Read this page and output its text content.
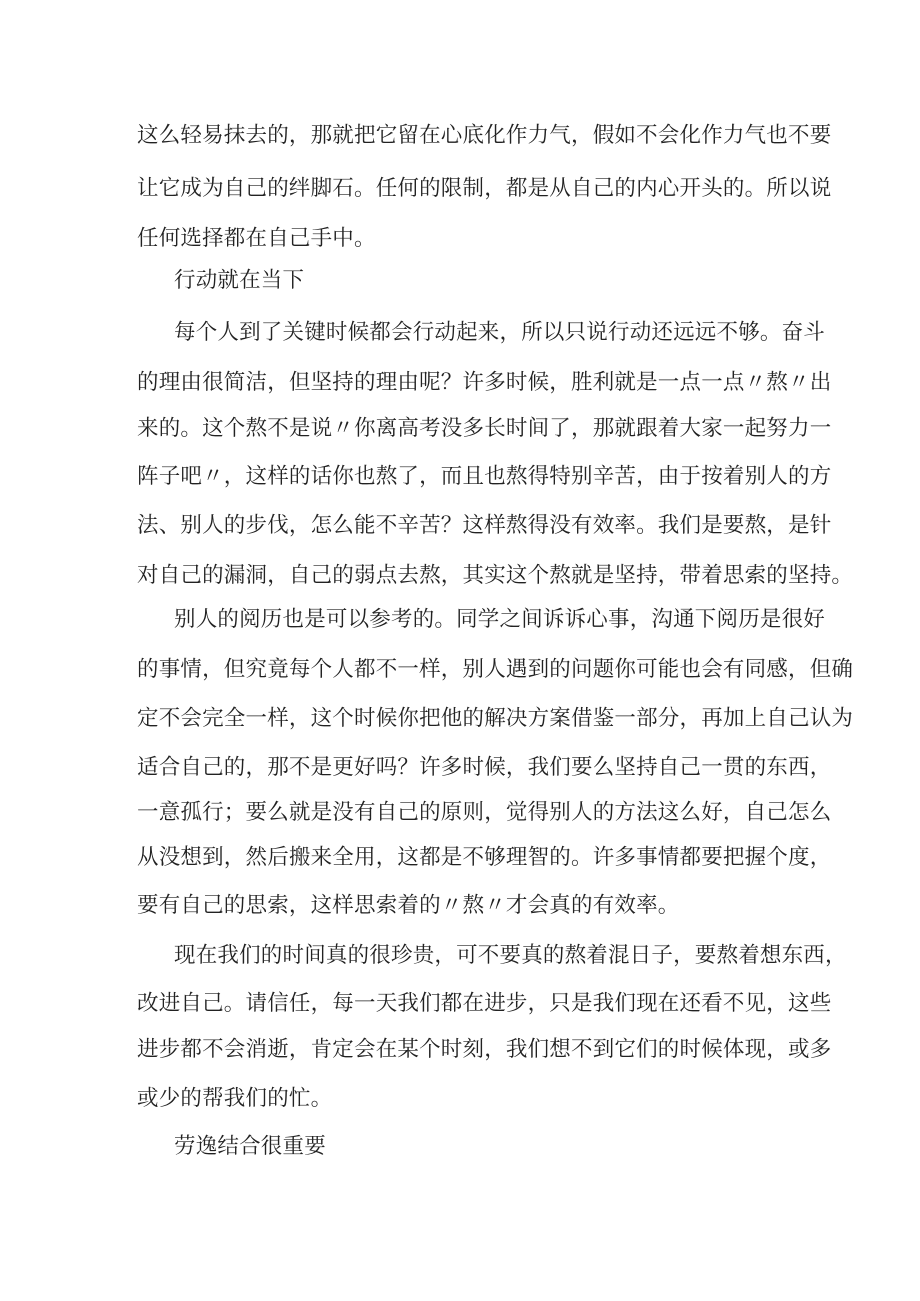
这么轻易抹去的，那就把它留在心底化作力气，假如不会化作力气也不要
让它成为自己的绊脚石。任何的限制，都是从自己的内心开头的。所以说
任何选择都在自己手中。
行动就在当下
每个人到了关键时候都会行动起来，所以只说行动还远远不够。奋斗
的理由很简洁，但坚持的理由呢？许多时候，胜利就是一点一点〃熬〃出
来的。这个熬不是说〃你离高考没多长时间了，那就跟着大家一起努力一
阵子吧〃，这样的话你也熬了，而且也熬得特别辛苦，由于按着别人的方
法、别人的步伐，怎么能不辛苦？这样熬得没有效率。我们是要熬，是针
对自己的漏洞，自己的弱点去熬，其实这个熬就是坚持，带着思索的坚持。
别人的阅历也是可以参考的。同学之间诉诉心事，沟通下阅历是很好
的事情，但究竟每个人都不一样，别人遇到的问题你可能也会有同感，但确
定不会完全一样，这个时候你把他的解决方案借鉴一部分，再加上自己认为
适合自己的，那不是更好吗？许多时候，我们要么坚持自己一贯的东西，
一意孤行；要么就是没有自己的原则，觉得别人的方法这么好，自己怎么
从没想到，然后搬来全用，这都是不够理智的。许多事情都要把握个度，
要有自己的思索，这样思索着的〃熬〃才会真的有效率。
现在我们的时间真的很珍贵，可不要真的熬着混日子，要熬着想东西，
改进自己。请信任，每一天我们都在进步，只是我们现在还看不见，这些
进步都不会消逝，肯定会在某个时刻，我们想不到它们的时候体现，或多
或少的帮我们的忙。
劳逸结合很重要
